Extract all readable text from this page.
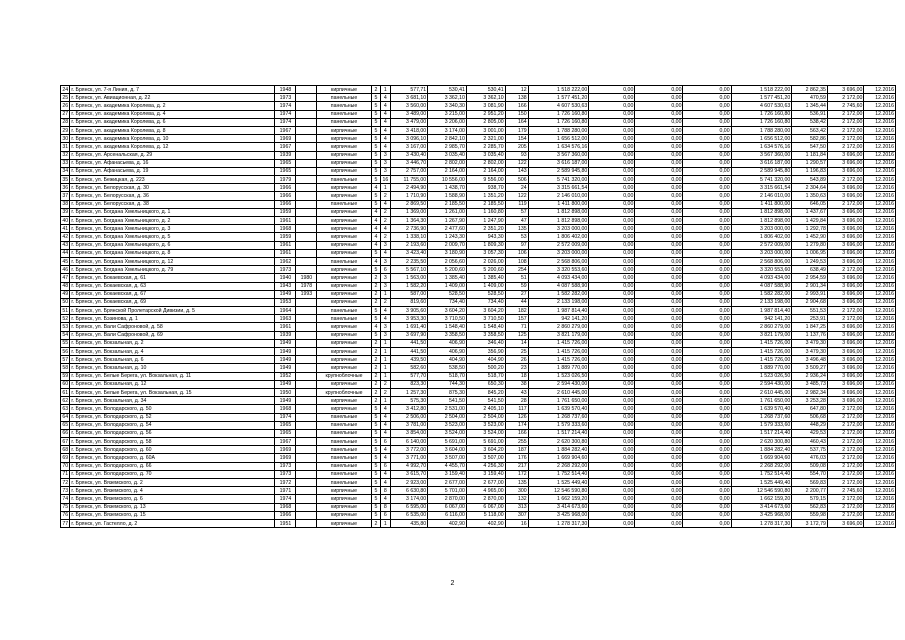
24	г. Брянск, ул. 7-я Линия, д. 7	1948		кирпичные	2	1	577,71	530,41	530,41	12	1 518 222,00	0,00	0,00	0,00	1 518 222,00	2 862,35	3 696,00	12.2016
25	г. Брянск, ул. Авиационная, д. 22	1973		панельные	5	4	3 681,10	3 362,10	3 362,10	138	1 577 451,20	0,00	0,00	0,00	1 577 451,20	470,59	2 172,00	12.2016
26	г. Брянск, ул. академика Королева, д. 2	1974		панельные	5	4	3 560,00	3 340,30	3 081,90	166	4 607 530,63	0,00	0,00	0,00	4 607 530,63	1 345,44	2 745,60	12.2016
27	г. Брянск, ул. академика Королева, д. 4	1974		панельные	5	4	3 489,00	3 215,00	2 951,20	150	1 726 160,80	0,00	0,00	0,00	1 726 160,80	536,91	2 172,00	12.2016
28	г. Брянск, ул. академика Королева, д. 6	1974		панельные	5	4	3 479,00	3 206,00	2 805,00	164	1 726 160,80	0,00	0,00	0,00	1 726 160,80	538,42	2 172,00	12.2016
29	г. Брянск, ул. академика Королева, д. 8	1967		кирпичные	5	4	3 418,00	3 174,00	3 001,00	179	1 788 280,00	0,00	0,00	0,00	1 788 280,00	563,42	2 172,00	12.2016
30	г. Брянск, ул. академика Королева, д. 10	1969		кирпичные	5	4	3 096,10	2 842,10	2 321,00	154	1 656 512,00	0,00	0,00	0,00	1 656 512,00	582,86	2 172,00	12.2016
31	г. Брянск, ул. академика Королева, д. 12	1967		кирпичные	5	4	3 167,00	2 985,70	2 285,70	205	1 634 576,16	0,00	0,00	0,00	1 634 576,16	547,50	2 172,00	12.2016
32	г. Брянск, ул. Арсенальская, д. 29	1939		кирпичные	5	3	3 430,40	3 035,40	3 035,40	93	3 567 360,00	0,00	0,00	0,00	3 567 360,00	1 181,84	3 696,00	12.2016
33	г. Брянск, ул. Афанасьева, д. 16	1965		кирпичные	5	3	3 446,70	2 802,00	2 802,00	122	3 616 187,00	0,00	0,00	0,00	3 616 187,00	1 290,57	3 696,00	12.2016
34	г. Брянск, ул. Афанасьева, д. 19	1965		кирпичные	5	3	2 757,00	2 164,00	2 164,00	143	2 589 945,80	0,00	0,00	0,00	2 589 945,80	1 196,83	3 696,00	12.2016
35	г. Брянск, ул. Бежицкая, д. 223	1979		панельные	5	16	11 755,00	10 556,00	9 556,00	506	5 741 320,00	0,00	0,00	0,00	5 741 320,00	543,89	2 172,00	12.2016
36	г. Брянск, ул. Белорусская, д. 30	1966		кирпичные	4	1	2 494,90	1 438,70	938,70	24	3 315 661,54	0,00	0,00	0,00	3 315 661,54	2 304,64	3 696,00	12.2016
37	г. Брянск, ул. Белорусская, д. 36	1966		кирпичные	5	2	1 710,90	1 588,90	1 351,20	122	2 146 010,00	0,00	0,00	0,00	2 146 010,00	1 350,63	3 696,00	12.2016
38	г. Брянск, ул. Белорусская, д. 38	1966		панельные	5	4	2 869,50	2 185,50	2 185,50	119	1 411 800,00	0,00	0,00	0,00	1 411 800,00	646,05	2 172,00	12.2016
39	г. Брянск, ул. Богдана Хмельницкого, д. 1	1959		кирпичные	4	2	1 369,00	1 261,00	1 160,80	57	1 812 898,00	0,00	0,00	0,00	1 812 898,00	1 437,67	3 696,00	12.2016
40	г. Брянск, ул. Богдана Хмельницкого, д. 2	1961		кирпичные	4	2	1 364,30	1 267,90	1 247,90	47	1 812 898,00	0,00	0,00	0,00	1 812 898,00	1 429,84	3 696,00	12.2016
41	г. Брянск, ул. Богдана Хмельницкого, д. 3	1968		кирпичные	4	4	2 736,90	2 477,60	2 351,20	135	3 203 000,00	0,00	0,00	0,00	3 203 000,00	1 292,78	3 696,00	12.2016
42	г. Брянск, ул. Богдана Хмельницкого, д. 5	1959		кирпичные	4	2	1 338,10	1 243,30	943,30	53	1 806 402,00	0,00	0,00	0,00	1 806 402,00	1 452,90	3 696,00	12.2016
43	г. Брянск, ул. Богдана Хмельницкого, д. 6	1961		кирпичные	4	3	2 193,60	2 009,70	1 809,30	97	2 572 009,00	0,00	0,00	0,00	2 572 009,00	1 279,80	3 696,00	12.2016
44	г. Брянск, ул. Богдана Хмельницкого, д. 8	1961		кирпичные	5	4	3 423,40	3 180,90	3 057,30	106	3 203 000,00	0,00	0,00	0,00	3 203 000,00	1 006,95	3 696,00	12.2016
45	г. Брянск, ул. Богдана Хмельницкого, д. 12	1962		панельные	4	3	2 235,50	2 056,60	2 026,00	108	2 568 806,00	0,00	0,00	0,00	2 568 806,00	1 249,53	3 696,00	12.2016
46	г. Брянск, ул. Богдана Хмельницкого, д. 79	1973		кирпичные	5	6	5 567,10	5 200,60	5 200,60	254	3 320 553,60	0,00	0,00	0,00	3 320 553,60	638,49	2 172,00	12.2016
47	г. Брянск, ул. Бокаевская, д. 61	1940	1980	кирпичные	2	3	1 563,00	1 385,40	1 385,40	51	4 093 434,00	0,00	0,00	0,00	4 093 434,00	2 954,59	3 696,00	12.2016
48	г. Брянск, ул. Бокаевская, д. 63	1943	1978	кирпичные	2	3	1 582,20	1 409,00	1 409,00	59	4 087 588,90	0,00	0,00	0,00	4 087 588,90	2 901,34	3 696,00	12.2016
49	г. Брянск, ул. Бокаевская, д. 67	1949	1993	кирпичные	2	1	587,00	528,50	528,50	27	1 582 282,00	0,00	0,00	0,00	1 582 282,00	2 993,91	3 696,00	12.2016
50	г. Брянск, ул. Бокаевская, д. 69	1953		кирпичные	2	2	819,60	734,40	734,40	44	2 133 198,00	0,00	0,00	0,00	2 133 198,00	2 904,68	3 696,00	12.2016
51	г. Брянск, ул. Брянской Пролетарской Дивизии, д. 5	1964		панельные	5	4	3 905,60	3 604,20	3 604,20	182	1 987 814,40	0,00	0,00	0,00	1 987 814,40	551,53	2 172,00	12.2016
52	г. Брянск, ул. Бэзинова, д. 1	1963		панельные	5	4	3 953,30	3 710,50	3 710,50	157	942 141,20	0,00	0,00	0,00	942 141,20	253,91	2 172,00	12.2016
53	г. Брянск, ул. Вали Сафроновой, д. 58	1961		кирпичные	4	3	1 691,40	1 548,40	1 548,40	71	2 860 279,00	0,00	0,00	0,00	2 860 279,00	1 847,25	3 696,00	12.2016
54	г. Брянск, ул. Вали Сафроновой, д. 69	1939		кирпичные	5	3	3 697,90	3 358,50	3 358,50	125	3 821 179,00	0,00	0,00	0,00	3 821 179,00	1 137,76	3 696,00	12.2016
55	г. Брянск, ул. Вокзальная, д. 2	1949		кирпичные	2	1	441,50	406,90	346,40	14	1 415 726,00	0,00	0,00	0,00	1 415 726,00	3 479,30	3 696,00	12.2016
56	г. Брянск, ул. Вокзальная, д. 4	1949		кирпичные	2	1	441,50	406,90	356,90	25	1 415 726,00	0,00	0,00	0,00	1 415 726,00	3 479,30	3 696,00	12.2016
57	г. Брянск, ул. Вокзальная, д. 6	1949		кирпичные	2	1	439,50	404,90	404,90	26	1 415 726,00	0,00	0,00	0,00	1 415 726,00	3 496,48	3 696,00	12.2016
58	г. Брянск, ул. Вокзальная, д. 10	1949		кирпичные	2	1	582,60	538,50	500,20	23	1 889 770,00	0,00	0,00	0,00	1 889 770,00	3 509,27	3 696,00	12.2016
59	г. Брянск, ул. Белые Берега, ул. Вокзальная, д. 11	1952		крупноблочные	2	1	577,70	518,70	518,70	18	1 523 026,50	0,00	0,00	0,00	1 523 026,50	2 936,24	3 696,00	12.2016
60	г. Брянск, ул. Вокзальная, д. 12	1949		кирпичные	2	2	823,30	744,30	650,30	38	2 594 430,00	0,00	0,00	0,00	2 594 430,00	3 485,73	3 696,00	12.2016
61	г. Брянск, ул. Белые Берега, ул. Вокзальная, д. 15	1950		крупноблочные	2	2	1 257,30	875,30	845,20	43	2 610 445,00	0,00	0,00	0,00	2 610 445,00	2 982,34	3 696,00	12.2016
62	г. Брянск, ул. Вокзальная, д. 34	1949		кирпичные	2	1	575,30	541,50	541,50	28	1 761 650,00	0,00	0,00	0,00	1 761 650,00	3 253,28	3 696,00	12.2016
63	г. Брянск, ул. Володарского, д. 50	1968		кирпичные	5	4	3 412,80	2 531,00	2 405,10	117	1 639 570,40	0,00	0,00	0,00	1 639 570,40	647,80	2 172,00	12.2016
64	г. Брянск, ул. Володарского, д. 52	1974		панельные	5	4	2 506,00	2 504,00	2 504,00	126	1 268 737,60	0,00	0,00	0,00	1 268 737,60	506,68	2 172,00	12.2016
65	г. Брянск, ул. Володарского, д. 54	1965		панельные	5	4	3 781,00	3 523,00	3 523,00	174	1 579 333,60	0,00	0,00	0,00	1 579 333,60	448,29	2 172,00	12.2016
66	г. Брянск, ул. Володарского, д. 56	1965		панельные	5	4	3 854,00	3 524,00	3 524,00	166	1 517 214,40	0,00	0,00	0,00	1 517 214,40	429,53	2 172,00	12.2016
67	г. Брянск, ул. Володарского, д. 58	1967		панельные	5	6	6 140,00	5 691,00	5 691,00	255	2 620 300,80	0,00	0,00	0,00	2 620 300,80	460,43	2 172,00	12.2016
68	г. Брянск, ул. Володарского, д. 60	1969		панельные	5	4	3 772,00	3 604,00	3 604,20	187	1 884 282,40	0,00	0,00	0,00	1 884 282,40	537,75	2 172,00	12.2016
69	г. Брянск, ул. Володарского, д. 60А	1969		панельные	5	4	3 771,00	3 507,00	3 507,00	176	1 669 904,60	0,00	0,00	0,00	1 669 904,60	476,03	2 172,00	12.2016
70	г. Брянск, ул. Володарского, д. 66	1973		панельные	5	6	4 992,70	4 455,70	4 256,30	217	2 268 292,00	0,00	0,00	0,00	2 268 292,00	509,08	2 172,00	12.2016
71	г. Брянск, ул. Володарского, д. 70	1973		панельные	5	4	3 615,70	3 159,40	3 159,40	172	1 752 514,40	0,00	0,00	0,00	1 752 514,40	554,70	2 172,00	12.2016
72	г. Брянск, ул. Вяземского, д. 2	1972		панельные	5	4	2 923,00	2 677,00	2 677,00	135	1 525 449,40	0,00	0,00	0,00	1 525 449,40	569,83	2 172,00	12.2016
73	г. Брянск, ул. Вяземского, д. 4	1971		кирпичные	5	8	6 630,80	5 701,00	4 965,00	300	12 546 590,80	0,00	0,00	0,00	12 546 590,80	2 200,77	2 745,60	12.2016
74	г. Брянск, ул. Вяземского, д. 6	1974		кирпичные	5	4	3 174,00	2 870,00	2 870,00	132	1 662 159,20	0,00	0,00	0,00	1 662 159,20	579,15	2 172,00	12.2016
75	г. Брянск, ул. Вяземского, д. 13	1968		кирпичные	5	8	6 595,00	6 067,00	6 067,00	313	3 414 673,60	0,00	0,00	0,00	3 414 673,60	562,83	2 172,00	12.2016
76	г. Брянск, ул. Вяземского, д. 15	1966		кирпичные	5	6	6 535,00	6 116,00	5 118,00	307	3 425 968,00	0,00	0,00	0,00	3 425 968,00	559,98	2 172,00	12.2016
77	г. Брянск, ул. Гастелло, д. 2	1951		кирпичные	2	1	435,80	402,90	402,90	16	1 278 317,30	0,00	0,00	0,00	1 278 317,30	3 172,79	3 696,00	12.2016
2
